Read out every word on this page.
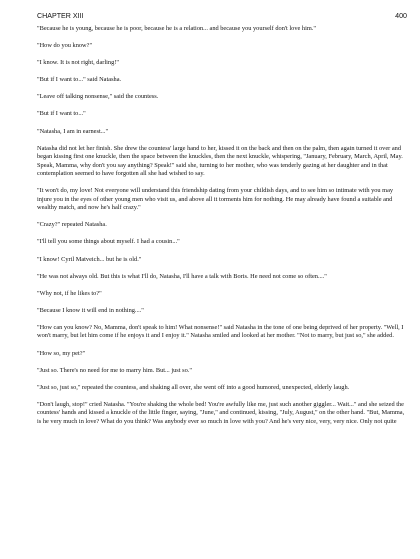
CHAPTER XIII	400

"Because he is young, because he is poor, because he is a relation... and because you yourself don't love him."

"How do you know?"

"I know. It is not right, darling!"

"But if I want to..." said Natasha.

"Leave off talking nonsense," said the countess.

"But if I want to..."

"Natasha, I am in earnest..."

Natasha did not let her finish. She drew the countess' large hand to her, kissed it on the back and then on the palm, then again turned it over and began kissing first one knuckle, then the space between the knuckles, then the next knuckle, whispering, "January, February, March, April, May. Speak, Mamma, why don't you say anything? Speak!" said she, turning to her mother, who was tenderly gazing at her daughter and in that contemplation seemed to have forgotten all she had wished to say.

"It won't do, my love! Not everyone will understand this friendship dating from your childish days, and to see him so intimate with you may injure you in the eyes of other young men who visit us, and above all it torments him for nothing. He may already have found a suitable and wealthy match, and now he's half crazy."

"Crazy?" repeated Natasha.

"I'll tell you some things about myself. I had a cousin..."

"I know! Cyril Matveich... but he is old."

"He was not always old. But this is what I'll do, Natasha, I'll have a talk with Boris. He need not come so often...."

"Why not, if he likes to?"

"Because I know it will end in nothing...."

"How can you know? No, Mamma, don't speak to him! What nonsense!" said Natasha in the tone of one being deprived of her property. "Well, I won't marry, but let him come if he enjoys it and I enjoy it." Natasha smiled and looked at her mother. "Not to marry, but just so," she added.

"How so, my pet?"

"Just so. There's no need for me to marry him. But... just so."

"Just so, just so," repeated the countess, and shaking all over, she went off into a good humored, unexpected, elderly laugh.

"Don't laugh, stop!" cried Natasha. "You're shaking the whole bed! You're awfully like me, just such another giggler... Wait..." and she seized the countess' hands and kissed a knuckle of the little finger, saying, "June," and continued, kissing, "July, August," on the other hand. "But, Mamma, is he very much in love? What do you think? Was anybody ever so much in love with you? And he's very nice, very, very nice. Only not quite
